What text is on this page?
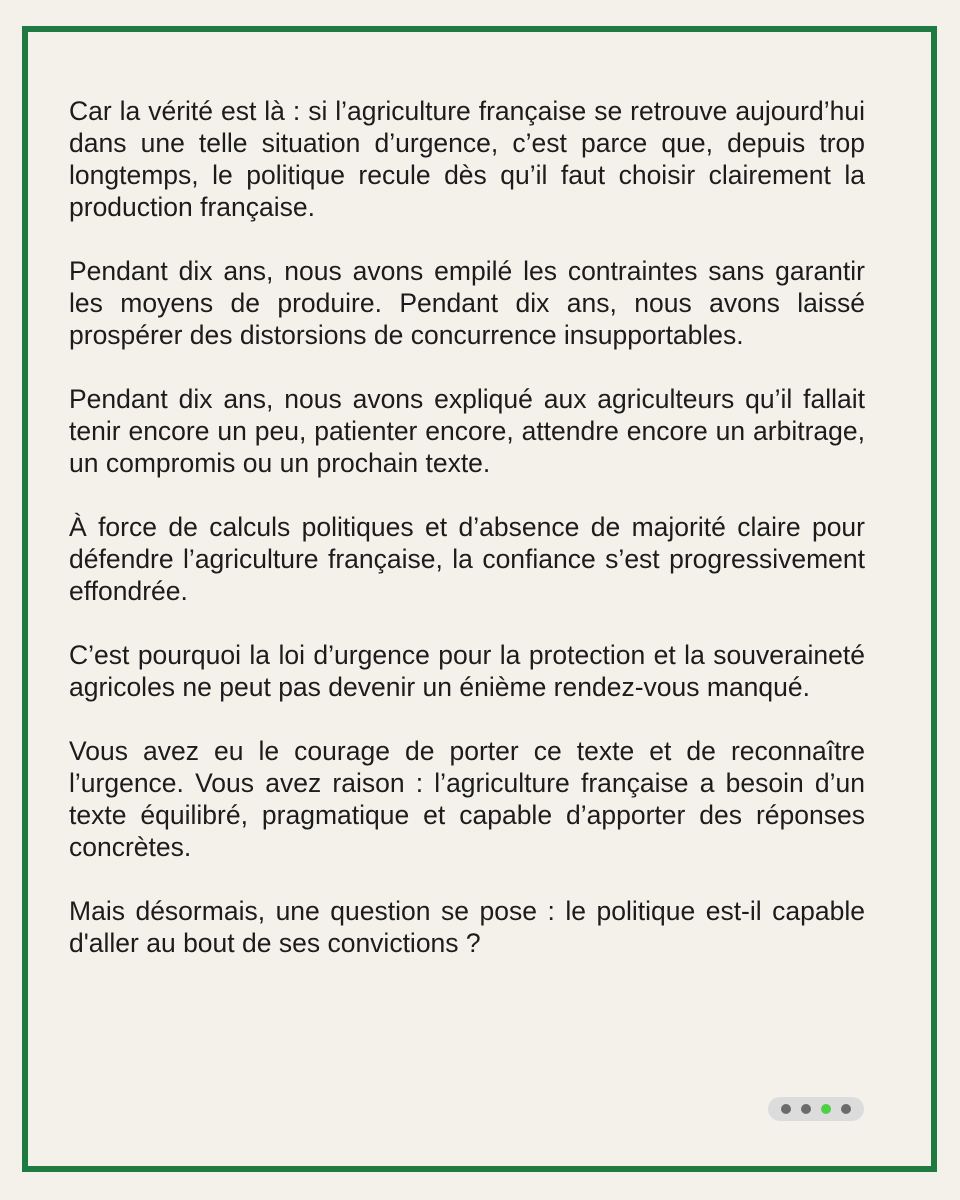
Car la vérité est là : si l’agriculture française se retrouve aujourd’hui dans une telle situation d’urgence, c’est parce que, depuis trop longtemps, le politique recule dès qu’il faut choisir clairement la production française.

Pendant dix ans, nous avons empilé les contraintes sans garantir les moyens de produire. Pendant dix ans, nous avons laissé prospérer des distorsions de concurrence insupportables.

Pendant dix ans, nous avons expliqué aux agriculteurs qu’il fallait tenir encore un peu, patienter encore, attendre encore un arbitrage, un compromis ou un prochain texte.

À force de calculs politiques et d’absence de majorité claire pour défendre l’agriculture française, la confiance s’est progressivement effondrée.

C’est pourquoi la loi d’urgence pour la protection et la souveraineté agricoles ne peut pas devenir un énième rendez-vous manqué.

Vous avez eu le courage de porter ce texte et de reconnaître l’urgence. Vous avez raison : l’agriculture française a besoin d’un texte équilibré, pragmatique et capable d’apporter des réponses concrètes.

Mais désormais, une question se pose : le politique est-il capable d'aller au bout de ses convictions ?
